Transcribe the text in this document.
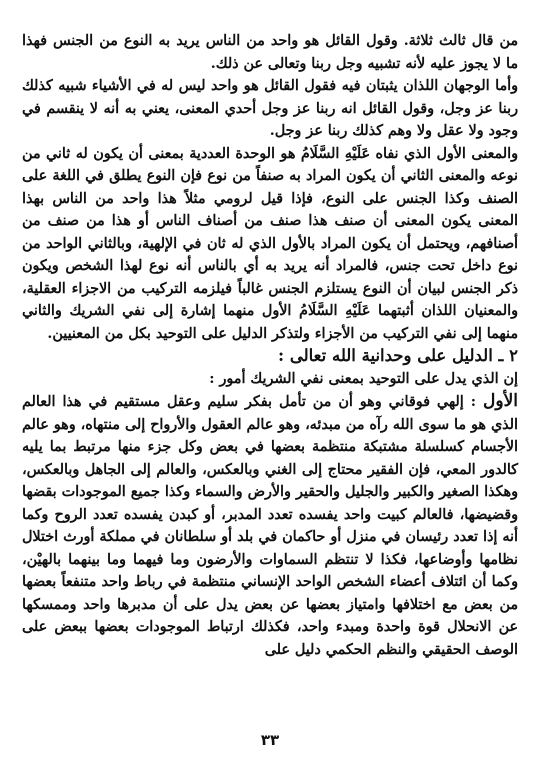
من قال ثالث ثلاثة. وقول القائل هو واحد من الناس يريد به النوع من الجنس فهذا ما لا يجوز عليه لأنه تشبيه وجل ربنا وتعالى عن ذلك.

وأما الوجهان اللذان يثبتان فيه فقول القائل هو واحد ليس له في الأشياء شبيه كذلك ربنا عز وجل، وقول القائل انه ربنا عز وجل أحدي المعنى، يعني به أنه لا ينقسم في وجود ولا عقل ولا وهم كذلك ربنا عز وجل.

والمعنى الأول الذي نفاه عَلَيْهِ السَّلَامُ هو الوحدة العددية بمعنى أن يكون له ثاني من نوعه والمعنى الثاني أن يكون المراد به صنفاً من نوع فإن النوع يطلق في اللغة على الصنف وكذا الجنس على النوع، فإذا قيل لرومي مثلاً هذا واحد من الناس بهذا المعنى يكون المعنى أن صنف هذا صنف من أصناف الناس أو هذا من صنف من أصنافهم، ويحتمل أن يكون المراد بالأول الذي له ثان في الإلهية، وبالثاني الواحد من نوع داخل تحت جنس، فالمراد أنه يريد به أي بالناس أنه نوع لهذا الشخص ويكون ذكر الجنس لبيان أن النوع يستلزم الجنس غالباً فيلزمه التركيب من الاجزاء العقلية، والمعنيان اللذان أثبتهما عَلَيْهِ السَّلَامُ الأول منهما إشارة إلى نفي الشريك والثاني منهما إلى نفي التركيب من الأجزاء ولتذكر الدليل على التوحيد بكل من المعنيين.

٢ ـ الدليل على وحدانية الله تعالى :

إن الذي يدل على التوحيد بمعنى نفي الشريك أمور :

الأول : إلهي فوقاني وهو أن من تأمل بفكر سليم وعقل مستقيم في هذا العالم الذي هو ما سوى الله رآه من مبدئه، وهو عالم العقول والأرواح إلى منتهاه، وهو عالم الأجسام كسلسلة مشتبكة منتظمة بعضها في بعض وكل جزء منها مرتبط بما يليه كالدور المعي، فإن الفقير محتاج إلى الغني وبالعكس، والعالم إلى الجاهل وبالعكس، وهكذا الصغير والكبير والجليل والحقير والأرض والسماء وكذا جميع الموجودات بقضها وقضيضها، فالعالم كبيت واحد يفسده تعدد المدبر، أو كبدن يفسده تعدد الروح وكما أنه إذا تعدد رئيسان في منزل أو حاكمان في بلد أو سلطانان في مملكة أورث اختلال نظامها وأوضاعها، فكذا لا تنتظم السماوات والأرضون وما فيهما وما بينهما بالهيْن، وكما أن ائتلاف أعضاء الشخص الواحد الإنساني منتظمة في رباط واحد متنفعاً بعضها من بعض مع اختلافها وامتياز بعضها عن بعض يدل على أن مدبرها واحد وممسكها عن الانحلال قوة واحدة ومبدء واحد، فكذلك ارتباط الموجودات بعضها ببعض على الوصف الحقيقي والنظم الحكمي دليل على

٣٣
